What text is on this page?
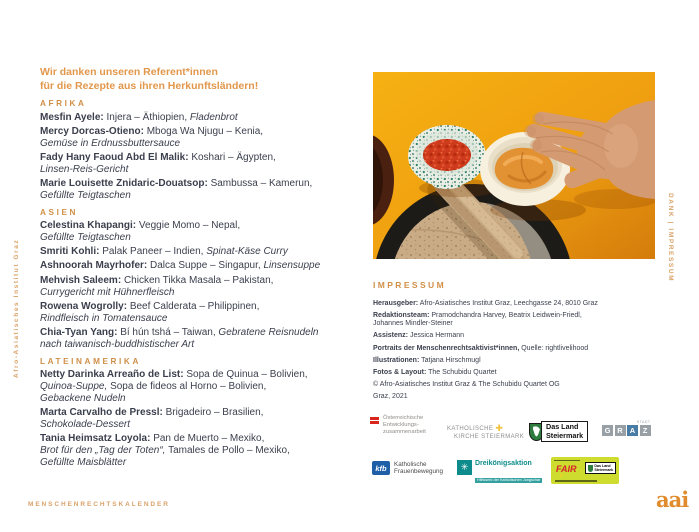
Afro-Asiatisches Institut Graz
DANK | IMPRESSUM
MENSCHENRECHTSKALENDER	aai

Wir danken unseren Referent*innen
für die Rezepte aus ihren Herkunftsländern!

AFRIKA

Mesfin Ayele: Injera – Äthiopien, Fladenbrot

Mercy Dorcas-Otieno: Mboga Wa Njugu – Kenia,
Gemüse in Erdnussbuttersauce

Fady Hany Faoud Abd El Malik: Koshari – Ägypten,
Linsen-Reis-Gericht

Marie Louisette Znidaric-Douatsop: Sambussa – Kamerun,
Gefüllte Teigtaschen

ASIEN

Celestina Khapangi: Veggie Momo – Nepal,
Gefüllte Teigtaschen

Smriti Kohli: Palak Paneer – Indien, Spinat-Käse Curry

Ashnoorah Mayrhofer: Dalca Suppe – Singapur, Linsensuppe

Mehvish Saleem: Chicken Tikka Masala – Pakistan,
Currygericht mit Hühnerfleisch

Rowena Wogrolly: Beef Calderata – Philippinen,
Rindfleisch in Tomatensauce

Chia-Tyan Yang: Bí hún tshá – Taiwan, Gebratene Reisnudeln
nach taiwanisch-buddhistischer Art

LATEINAMERIKA

Netty Darinka Arreaño de List: Sopa de Quinua – Bolivien,
Quinoa-Suppe, Sopa de fideos al Horno – Bolivien,
Gebackene Nudeln

Marta Carvalho de Pressl: Brigadeiro – Brasilien,
Schokolade-Dessert

Tania Heimsatz Loyola: Pan de Muerto – Mexiko,
Brot für den „Tag der Toten“, Tamales de Pollo – Mexiko,
Gefüllte Maisblätter

IMPRESSUM

Herausgeber: Afro-Asiatisches Institut Graz, Leechgasse 24, 8010 Graz

Redaktionsteam: Pramodchandra Harvey, Beatrix Leidwein-Friedl,

Johannes Mindler-Steiner

Assistenz: Jessica Hermann

Portraits der Menschenrechtsaktivist*innen, Quelle: rightlivelihood

Illustrationen: Tatjana Hirschmugl

Fotos & Layout: The Schubidu Quartet

© Afro-Asiatisches Institut Graz & The Schubidu Quartet OG

Graz, 2021

Österreichische
Entwicklungs-
zusammenarbeit	KATHOLISCHE ✚
KIRCHE STEIERMARK
Das Land
Steiermark
STADT
G R A	Z
kfb	Katholische
Frauenbewegung	✳ Dreikönigsaktion
Hilfswerk der Katholischen Jungschar
FAIR
★
Das Land
Steiermark
